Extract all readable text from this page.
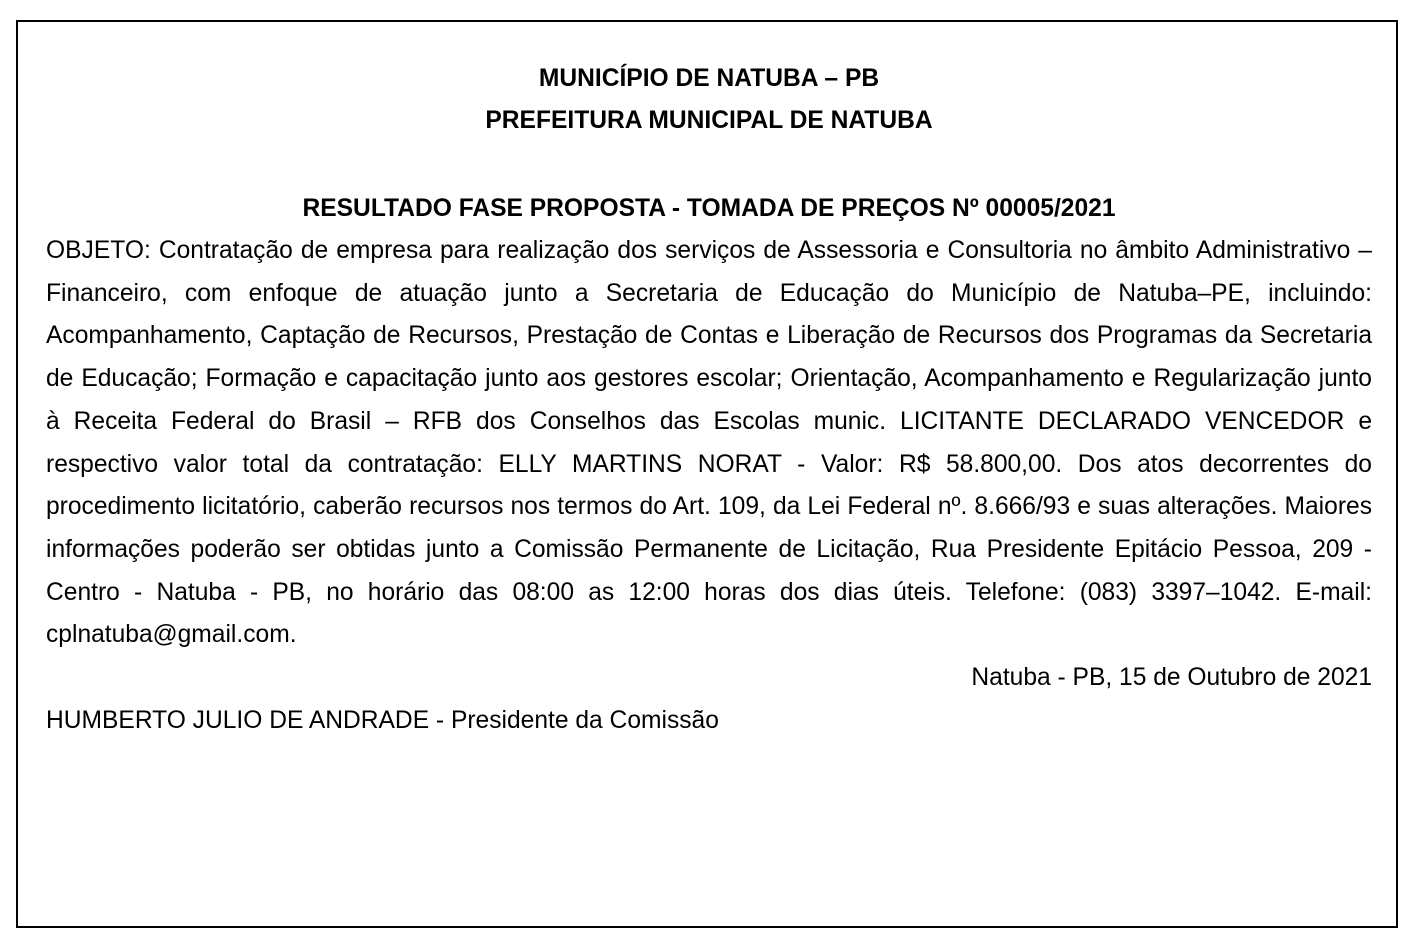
MUNICÍPIO DE NATUBA – PB

PREFEITURA MUNICIPAL DE NATUBA

RESULTADO FASE PROPOSTA - TOMADA DE PREÇOS Nº 00005/2021

OBJETO: Contratação de empresa para realização dos serviços de Assessoria e Consultoria no âmbito Administrativo – Financeiro, com enfoque de atuação junto a Secretaria de Educação do Município de Natuba–PE, incluindo: Acompanhamento, Captação de Recursos, Prestação de Contas e Liberação de Recursos dos Programas da Secretaria de Educação; Formação e capacitação junto aos gestores escolar; Orientação, Acompanhamento e Regularização junto à Receita Federal do Brasil – RFB dos Conselhos das Escolas munic. LICITANTE DECLARADO VENCEDOR e respectivo valor total da contratação: ELLY MARTINS NORAT - Valor: R$ 58.800,00. Dos atos decorrentes do procedimento licitatório, caberão recursos nos termos do Art. 109, da Lei Federal nº. 8.666/93 e suas alterações. Maiores informações poderão ser obtidas junto a Comissão Permanente de Licitação, Rua Presidente Epitácio Pessoa, 209 - Centro - Natuba - PB, no horário das 08:00 as 12:00 horas dos dias úteis. Telefone: (083) 3397–1042. E-mail: cplnatuba@gmail.com.

Natuba - PB, 15 de Outubro de 2021

HUMBERTO JULIO DE ANDRADE - Presidente da Comissão
